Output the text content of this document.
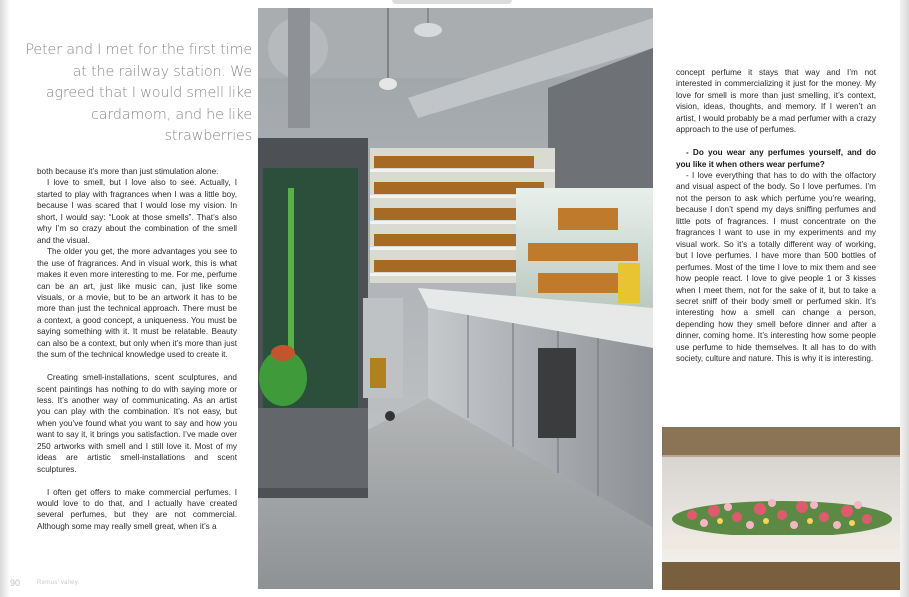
Peter and I met for the first time at the railway station. We agreed that I would smell like cardamom, and he like strawberries

both because it’s more than just stimulation alone.

I love to smell, but I love also to see. Actually, I started to play with fragrances when I was a little boy, because I was scared that I would lose my vision. In short, I would say: “Look at those smells”. That’s also why I’m so crazy about the combination of the smell and the visual.

The older you get, the more advantages you see to the use of fragrances. And in visual work, this is what makes it even more interesting to me. For me, perfume can be an art, just like music can, just like some visuals, or a movie, but to be an artwork it has to be more than just the technical approach. There must be a context, a good concept, a uniqueness. You must be saying something with it. It must be relatable. Beauty can also be a context, but only when it’s more than just the sum of the technical knowledge used to create it.

Creating smell-installations, scent sculptures, and scent paintings has nothing to do with saying more or less. It’s another way of communicating. As an artist you can play with the combination. It’s not easy, but when you’ve found what you want to say and how you want to say it, it brings you satisfaction. I’ve made over 250 artworks with smell and I still love it. Most of my ideas are artistic smell-installations and scent sculptures.

I often get offers to make commercial perfumes. I would love to do that, and I actually have created several perfumes, but they are not commercial. Although some may really smell great, when it’s a

90	Remus’ valley

concept perfume it stays that way and I’m not interested in commercializing it just for the money. My love for smell is more than just smelling, it’s context, vision, ideas, thoughts, and memory. If I weren’t an artist, I would probably be a mad perfumer with a crazy approach to the use of perfumes.

- Do you wear any perfumes yourself, and do you like it when others wear perfume?

- I love everything that has to do with the olfactory and visual aspect of the body. So I love perfumes. I’m not the person to ask which perfume you’re wearing, because I don’t spend my days sniffing perfumes and little pots of fragrances. I must concentrate on the fragrances I want to use in my experiments and my visual work. So it’s a totally different way of working, but I love perfumes. I have more than 500 bottles of perfumes. Most of the time I love to mix them and see how people react. I love to give people 1 or 3 kisses when I meet them, not for the sake of it, but to take a secret sniff of their body smell or perfumed skin. It’s interesting how a smell can change a person, depending how they smell before dinner and after a dinner, coming home. It’s interesting how some people use perfume to hide themselves. It all has to do with society, culture and nature. This is why it is interesting.
